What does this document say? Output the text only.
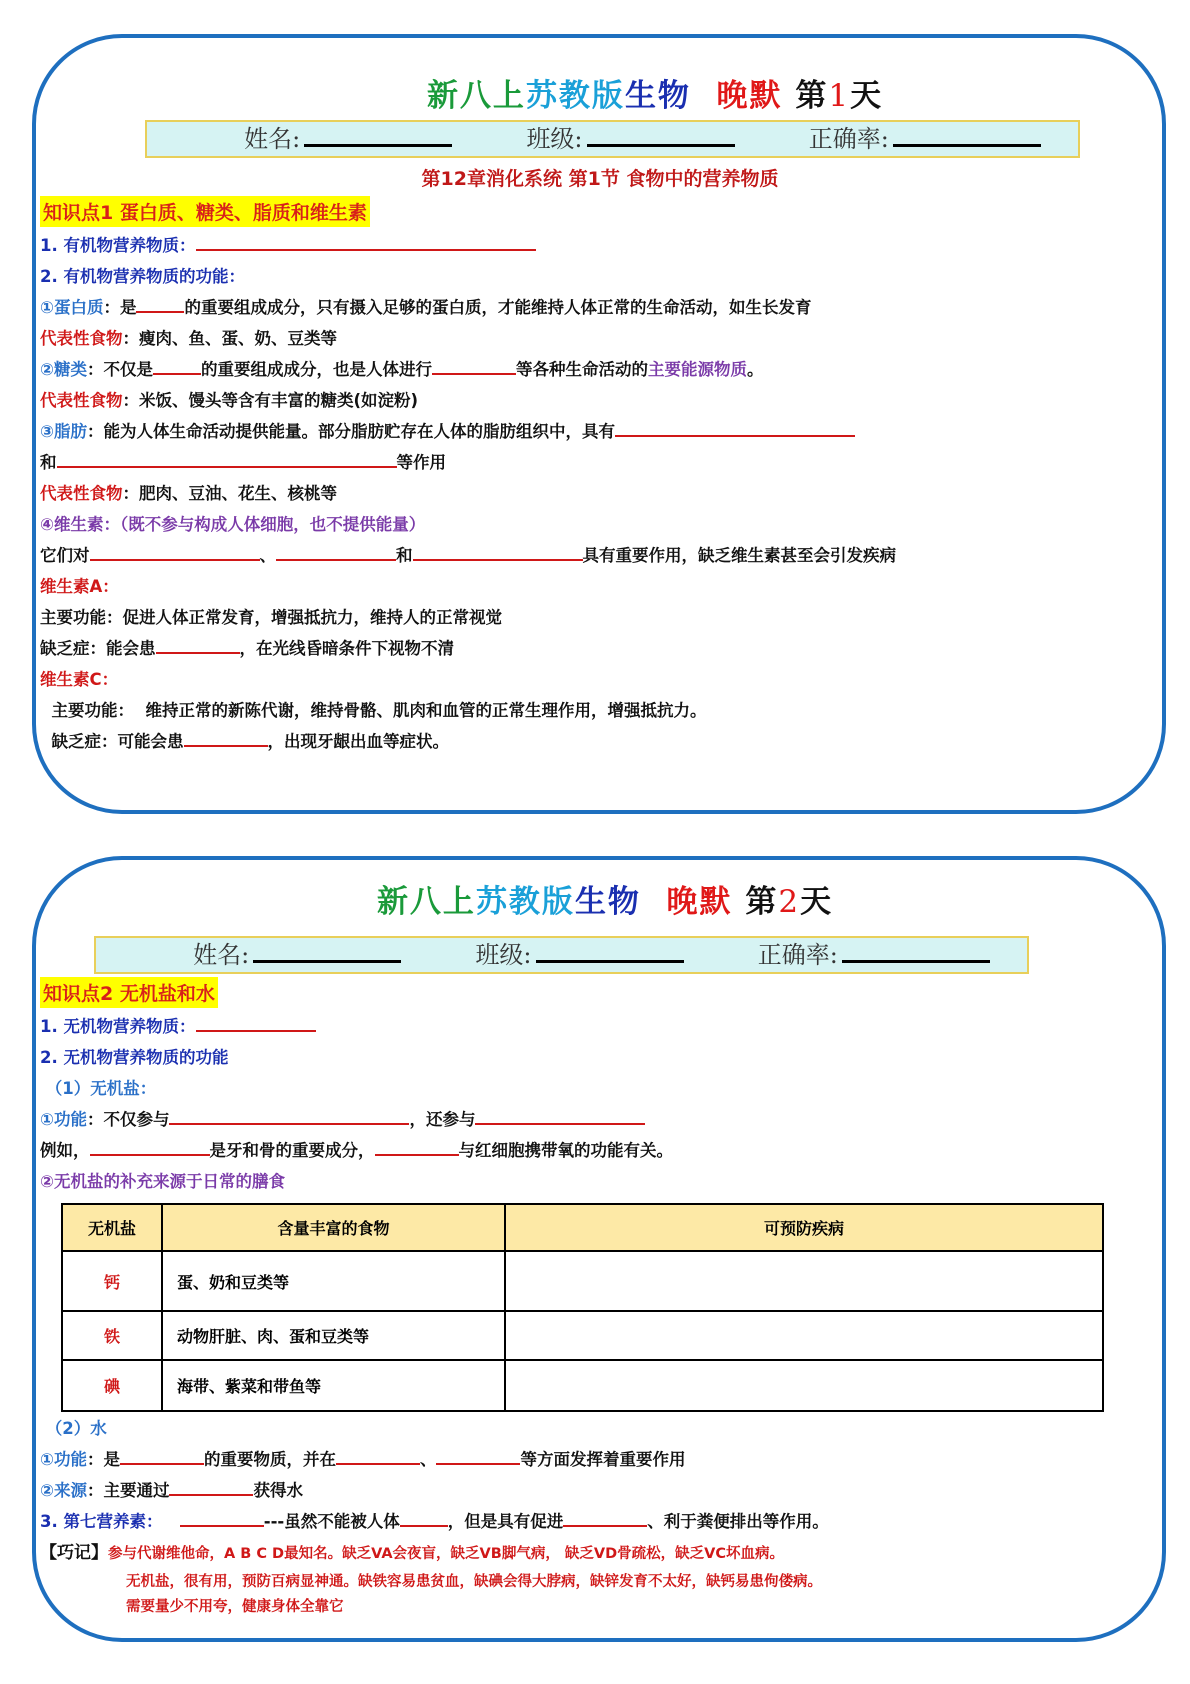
新八上苏教版生物  晚默 第1天
姓名:	班级:	正确率:
第12章消化系统 第1节 食物中的营养物质
知识点1 蛋白质、糖类、脂质和维生素
1. 有机物营养物质：
2. 有机物营养物质的功能：
①蛋白质：是	的重要组成成分，只有摄入足够的蛋白质，才能维持人体正常的生命活动，如生长发育
代表性食物：瘦肉、鱼、蛋、奶、豆类等
②糖类：不仅是	的重要组成成分，也是人体进行	等各种生命活动的主要能源物质。
代表性食物：米饭、馒头等含有丰富的糖类(如淀粉)
③脂肪：能为人体生命活动提供能量。部分脂肪贮存在人体的脂肪组织中，具有
和	等作用
代表性食物：肥肉、豆油、花生、核桃等
④维生素：（既不参与构成人体细胞，也不提供能量）
它们对	、	和	具有重要作用，缺乏维生素甚至会引发疾病
维生素A：
主要功能：促进人体正常发育，增强抵抗力，维持人的正常视觉
缺乏症：能会患	，在光线昏暗条件下视物不清
维生素C：
主要功能：  维持正常的新陈代谢，维持骨骼、肌肉和血管的正常生理作用，增强抵抗力。
缺乏症：可能会患	，出现牙龈出血等症状。
新八上苏教版生物  晚默 第2天
姓名:	班级:	正确率:
知识点2 无机盐和水
1. 无机物营养物质：
2. 无机物营养物质的功能
（1）无机盐：
①功能：不仅参与	，还参与
例如，	是牙和骨的重要成分，	与红细胞携带氧的功能有关。
②无机盐的补充来源于日常的膳食
无机盐	含量丰富的食物	可预防疾病
钙	蛋、奶和豆类等	
铁	动物肝脏、肉、蛋和豆类等	
碘	海带、紫菜和带鱼等	
（2）水
①功能：是	的重要物质，并在	、	等方面发挥着重要作用
②来源：主要通过	获得水
3. 第七营养素：	---虽然不能被人体	，但是具有促进	、利于粪便排出等作用。
【巧记】参与代谢维他命，A B C D最知名。缺乏VA会夜盲，缺乏VB脚气病， 缺乏VD骨疏松，缺乏VC坏血病。
无机盐，很有用，预防百病显神通。缺铁容易患贫血，缺碘会得大脖病，缺锌发育不太好，缺钙易患佝偻病。
需要量少不用夸，健康身体全靠它
